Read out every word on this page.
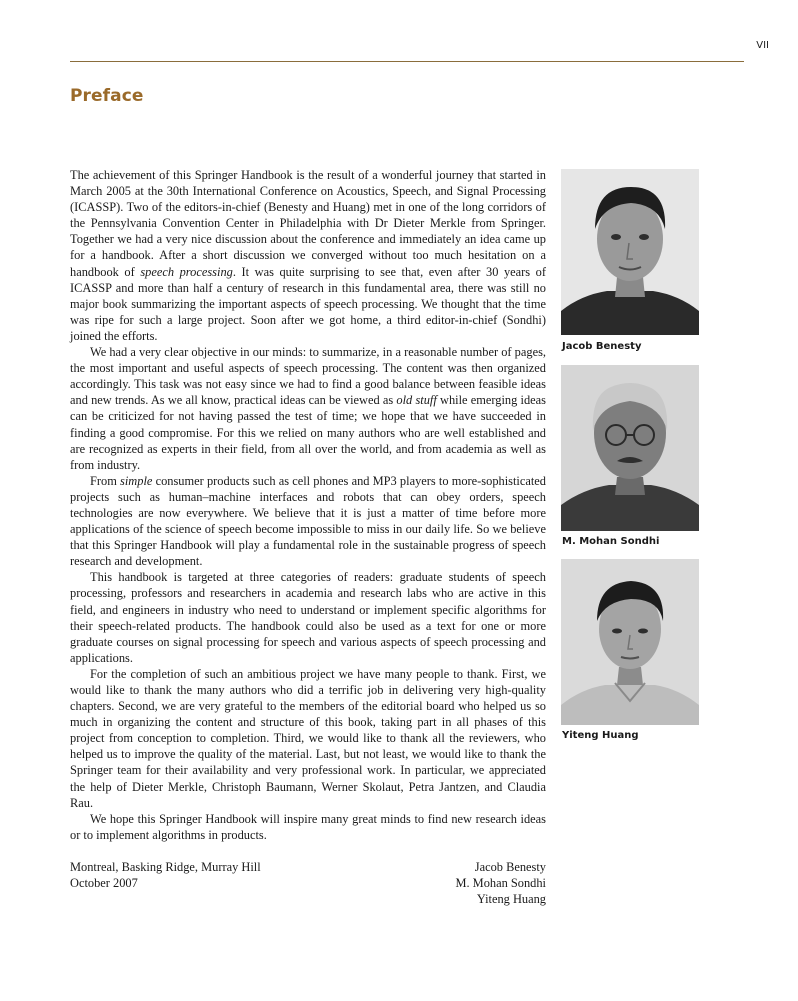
VII
Preface

The achievement of this Springer Handbook is the result of a wonderful journey that started in March 2005 at the 30th International Conference on Acoustics, Speech, and Signal Processing (ICASSP). Two of the editors-in-chief (Benesty and Huang) met in one of the long corridors of the Pennsylvania Convention Center in Philadelphia with Dr Dieter Merkle from Springer. Together we had a very nice discussion about the conference and immediately an idea came up for a handbook. After a short discussion we converged without too much hesitation on a handbook of speech processing. It was quite surprising to see that, even after 30 years of ICASSP and more than half a century of research in this fundamental area, there was still no major book summarizing the important aspects of speech processing. We thought that the time was ripe for such a large project. Soon after we got home, a third editor-in-chief (Sondhi) joined the efforts.

We had a very clear objective in our minds: to summarize, in a reasonable number of pages, the most important and useful aspects of speech processing. The content was then organized accordingly. This task was not easy since we had to find a good balance between feasible ideas and new trends. As we all know, practical ideas can be viewed as old stuff while emerging ideas can be criticized for not having passed the test of time; we hope that we have succeeded in finding a good compromise. For this we relied on many authors who are well established and are recognized as experts in their field, from all over the world, and from academia as well as from industry.

From simple consumer products such as cell phones and MP3 players to more-sophisticated projects such as human–machine interfaces and robots that can obey orders, speech technologies are now everywhere. We believe that it is just a matter of time before more applications of the science of speech become impossible to miss in our daily life. So we believe that this Springer Handbook will play a fundamental role in the sustainable progress of speech research and development.

This handbook is targeted at three categories of readers: graduate students of speech processing, professors and researchers in academia and research labs who are active in this field, and engineers in industry who need to understand or implement specific algorithms for their speech-related products. The handbook could also be used as a text for one or more graduate courses on signal processing for speech and various aspects of speech processing and applications.

For the completion of such an ambitious project we have many people to thank. First, we would like to thank the many authors who did a terrific job in delivering very high-quality chapters. Second, we are very grateful to the members of the editorial board who helped us so much in organizing the content and structure of this book, taking part in all phases of this project from conception to completion. Third, we would like to thank all the reviewers, who helped us to improve the quality of the material. Last, but not least, we would like to thank the Springer team for their availability and very professional work. In particular, we appreciated the help of Dieter Merkle, Christoph Baumann, Werner Skolaut, Petra Jantzen, and Claudia Rau.

We hope this Springer Handbook will inspire many great minds to find new research ideas or to implement algorithms in products.

Montreal, Basking Ridge, Murray Hill
October 2007
Jacob Benesty
M. Mohan Sondhi
Yiteng Huang
Jacob Benesty
M. Mohan Sondhi
Yiteng Huang
